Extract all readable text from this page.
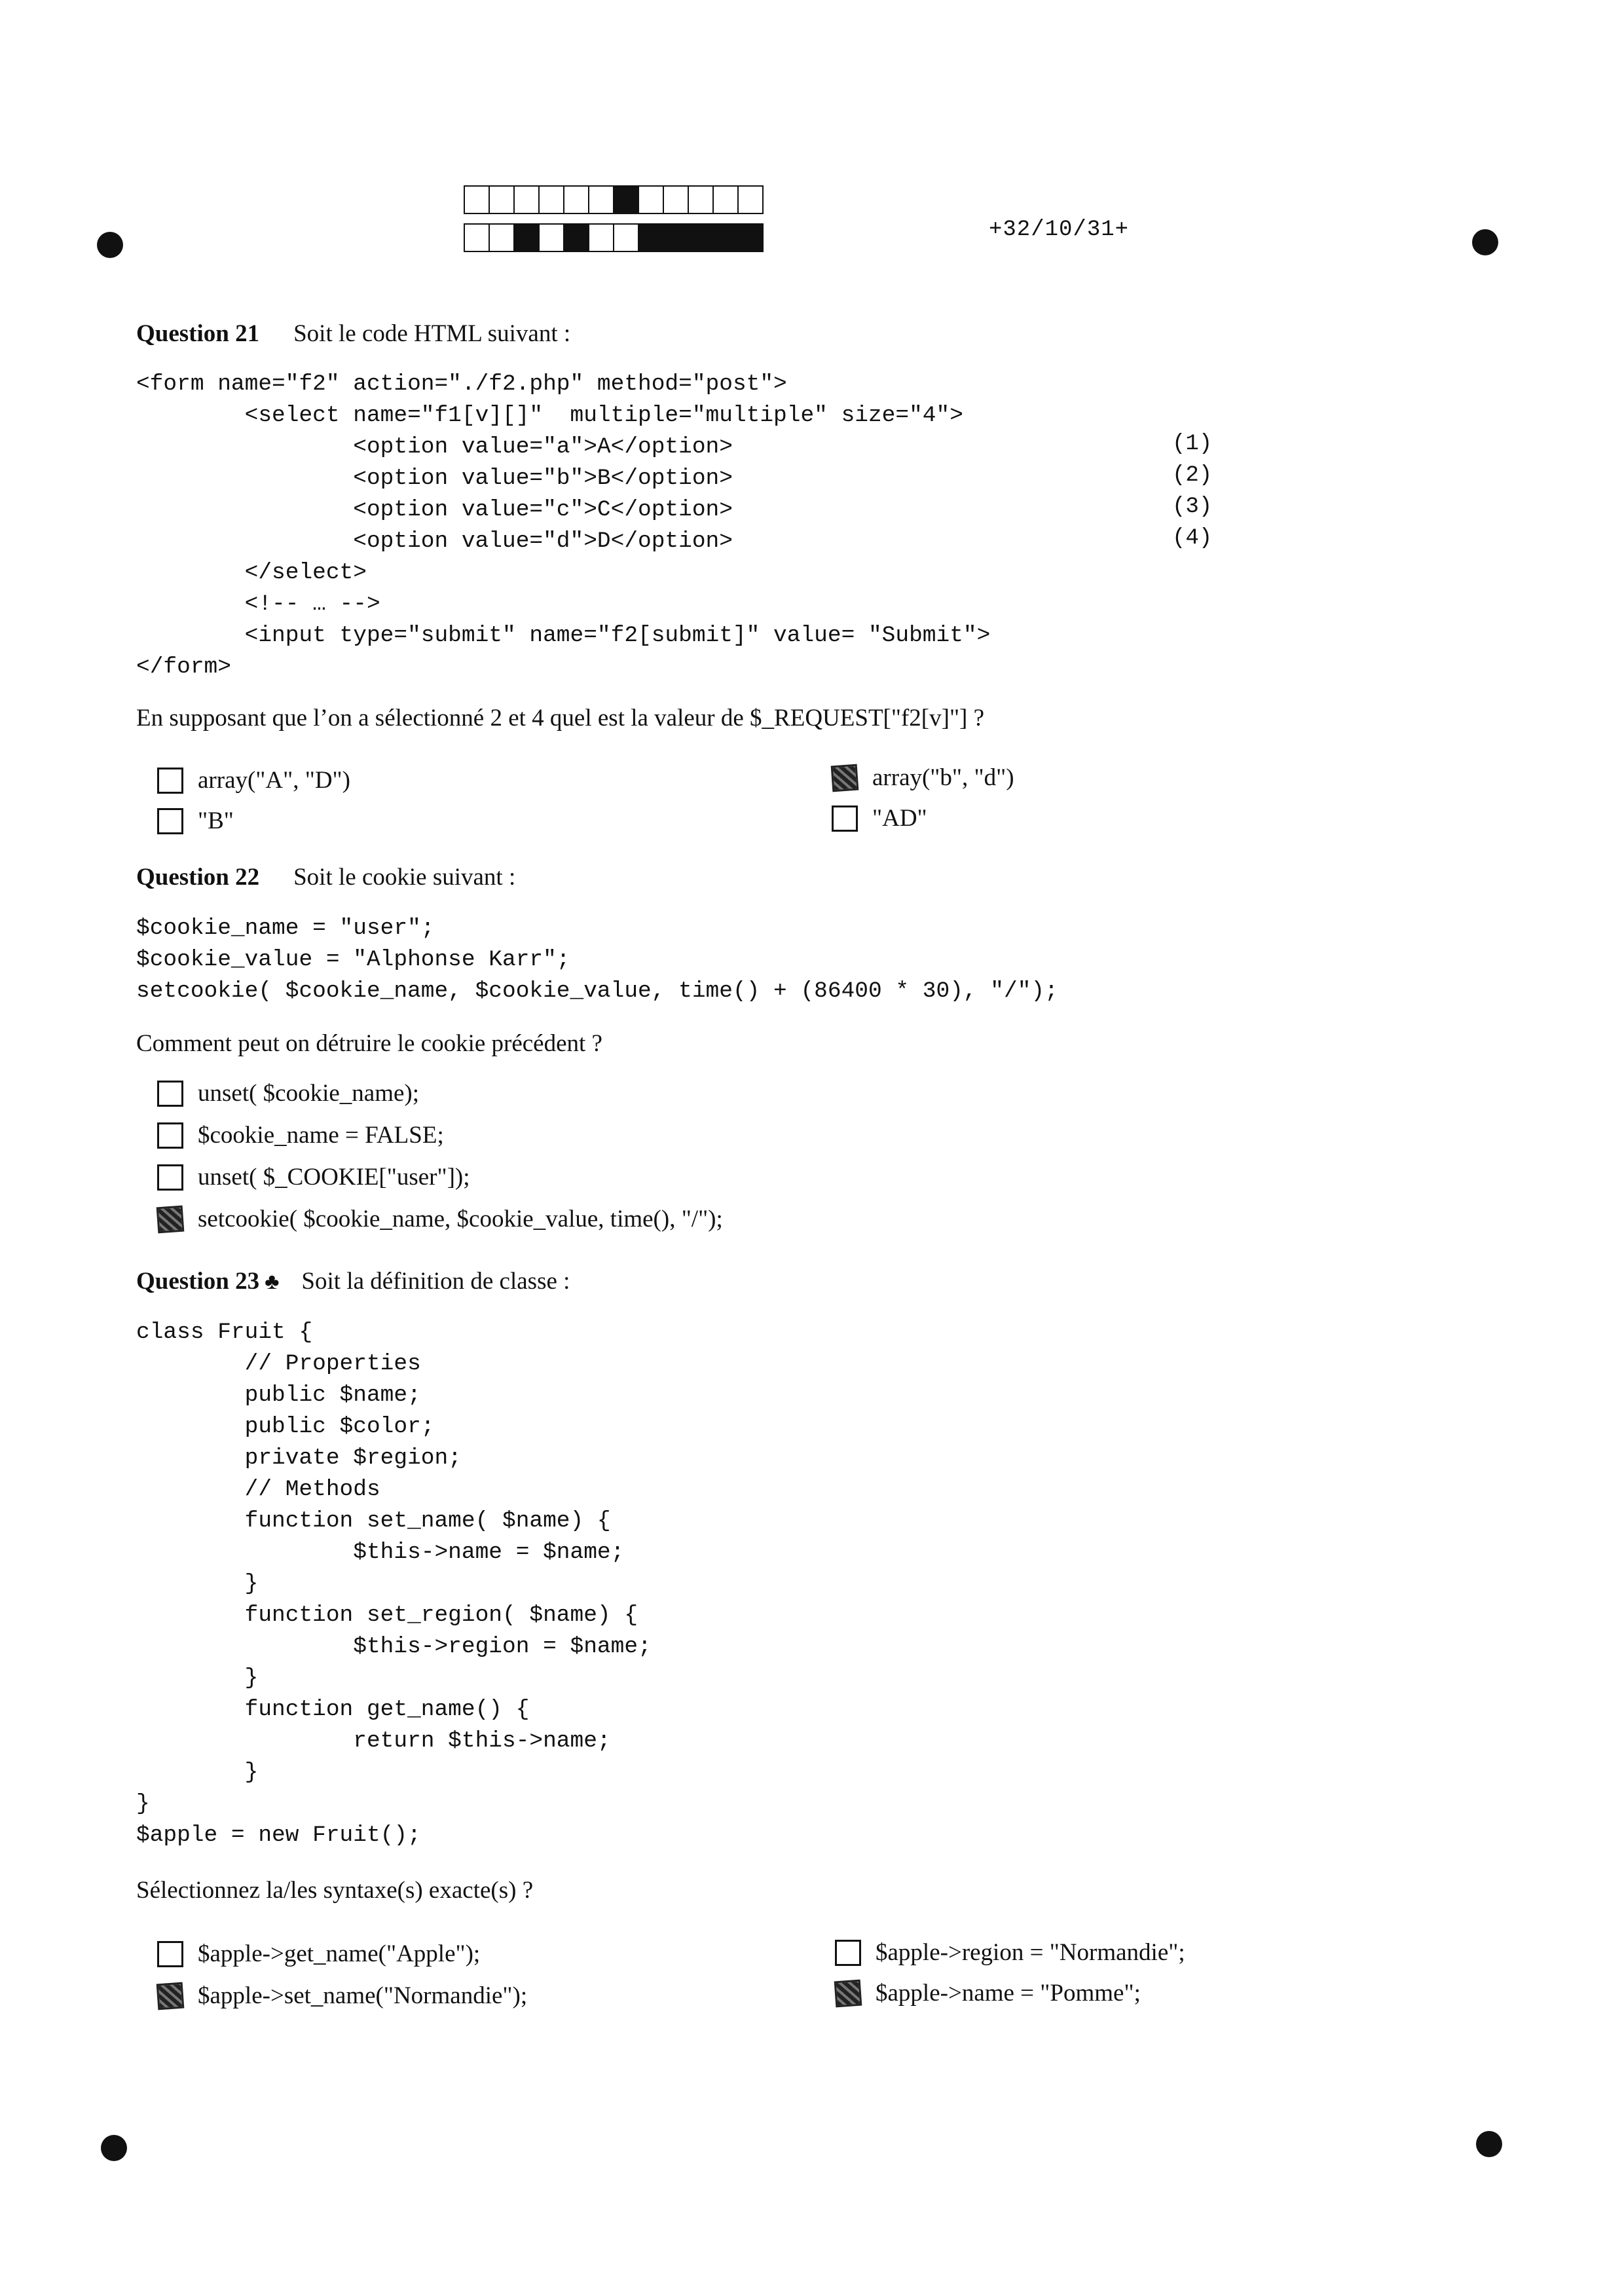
+32/10/31+
Question 21 Soit le code HTML suivant :
<form name="f2" action="./f2.php" method="post">
<select name="f1[v][]"  multiple="multiple" size="4">
<option value="a">A</option>
<option value="b">B</option>
<option value="c">C</option>
<option value="d">D</option>
</select>
<!-- … -->
<input type="submit" name="f2[submit]" value= "Submit">
</form>
(1)
(2)
(3)
(4)
En supposant que l’on a sélectionné 2 et 4 quel est la valeur de $_REQUEST["f2[v]"] ?
array("A", "D")	array("b", "d")
"B"	"AD"
Question 22 Soit le cookie suivant :
$cookie_name = "user";
$cookie_value = "Alphonse Karr";
setcookie( $cookie_name, $cookie_value, time() + (86400 * 30), "/");
Comment peut on détruire le cookie précédent ?
unset( $cookie_name);
$cookie_name = FALSE;
unset( $_COOKIE["user"]);
setcookie( $cookie_name, $cookie_value, time(), "/");
Question 23 ♣ Soit la définition de classe :
class Fruit {
// Properties
public $name;
public $color;
private $region;
// Methods
function set_name( $name) {
$this->name = $name;
}
function set_region( $name) {
$this->region = $name;
}
function get_name() {
return $this->name;
}
}
$apple = new Fruit();
Sélectionnez la/les syntaxe(s) exacte(s) ?
$apple->get_name("Apple");	$apple->region = "Normandie";
$apple->set_name("Normandie");	$apple->name = "Pomme";
